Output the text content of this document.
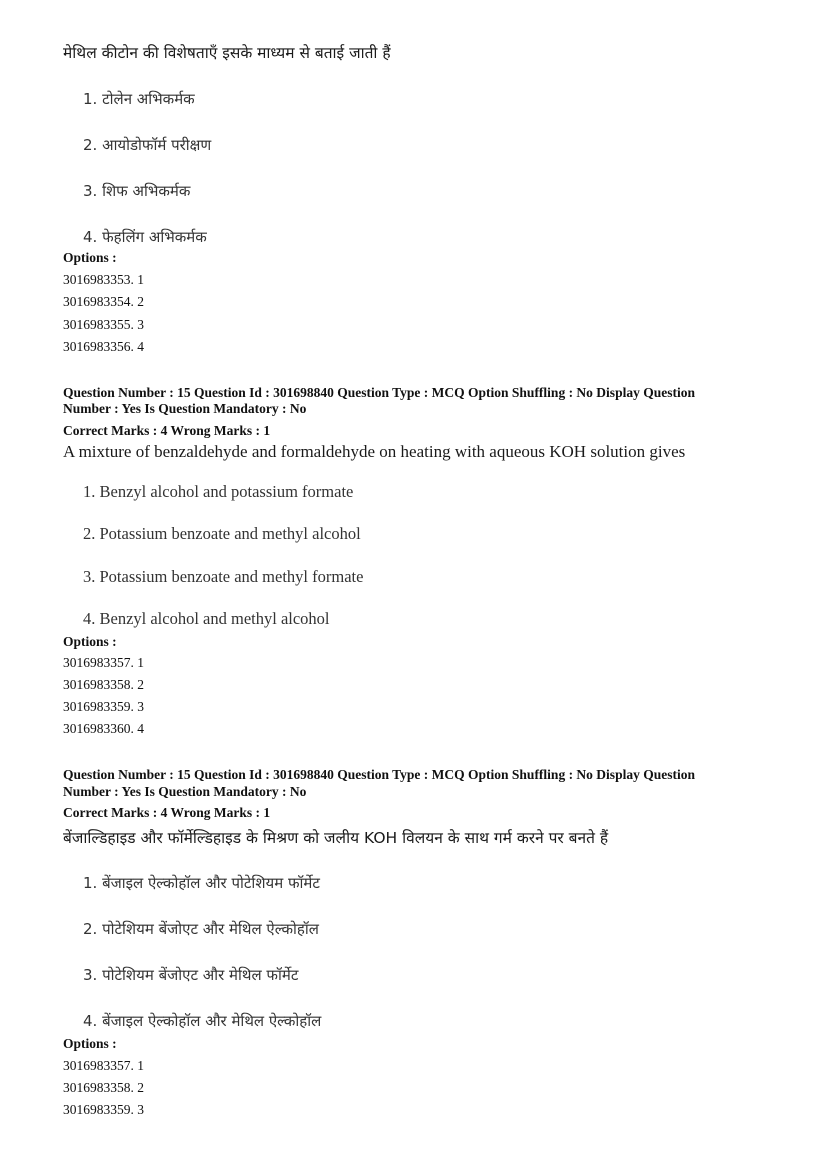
मेथिल कीटोन की विशेषताएँ इसके माध्यम से बताई जाती हैं
1. टोलेन अभिकर्मक
2. आयोडोफॉर्म परीक्षण
3. शिफ अभिकर्मक
4. फेहलिंग अभिकर्मक
Options :
3016983353. 1
3016983354. 2
3016983355. 3
3016983356. 4
Question Number : 15 Question Id : 301698840 Question Type : MCQ Option Shuffling : No Display Question
Number : Yes Is Question Mandatory : No
Correct Marks : 4 Wrong Marks : 1
A mixture of benzaldehyde and formaldehyde on heating with aqueous KOH solution gives
1. Benzyl alcohol and potassium formate
2. Potassium benzoate and methyl alcohol
3. Potassium benzoate and methyl formate
4. Benzyl alcohol and methyl alcohol
Options :
3016983357. 1
3016983358. 2
3016983359. 3
3016983360. 4
Question Number : 15 Question Id : 301698840 Question Type : MCQ Option Shuffling : No Display Question
Number : Yes Is Question Mandatory : No
Correct Marks : 4 Wrong Marks : 1
बेंजाल्डिहाइड और फॉर्मेल्डिहाइड के मिश्रण को जलीय KOH विलयन के साथ गर्म करने पर बनते हैं
1. बेंजाइल ऐल्कोहॉल और पोटेशियम फॉर्मेट
2. पोटेशियम बेंजोएट और मेथिल ऐल्कोहॉल
3. पोटेशियम बेंजोएट और मेथिल फॉर्मेट
4. बेंजाइल ऐल्कोहॉल और मेथिल ऐल्कोहॉल
Options :
3016983357. 1
3016983358. 2
3016983359. 3
